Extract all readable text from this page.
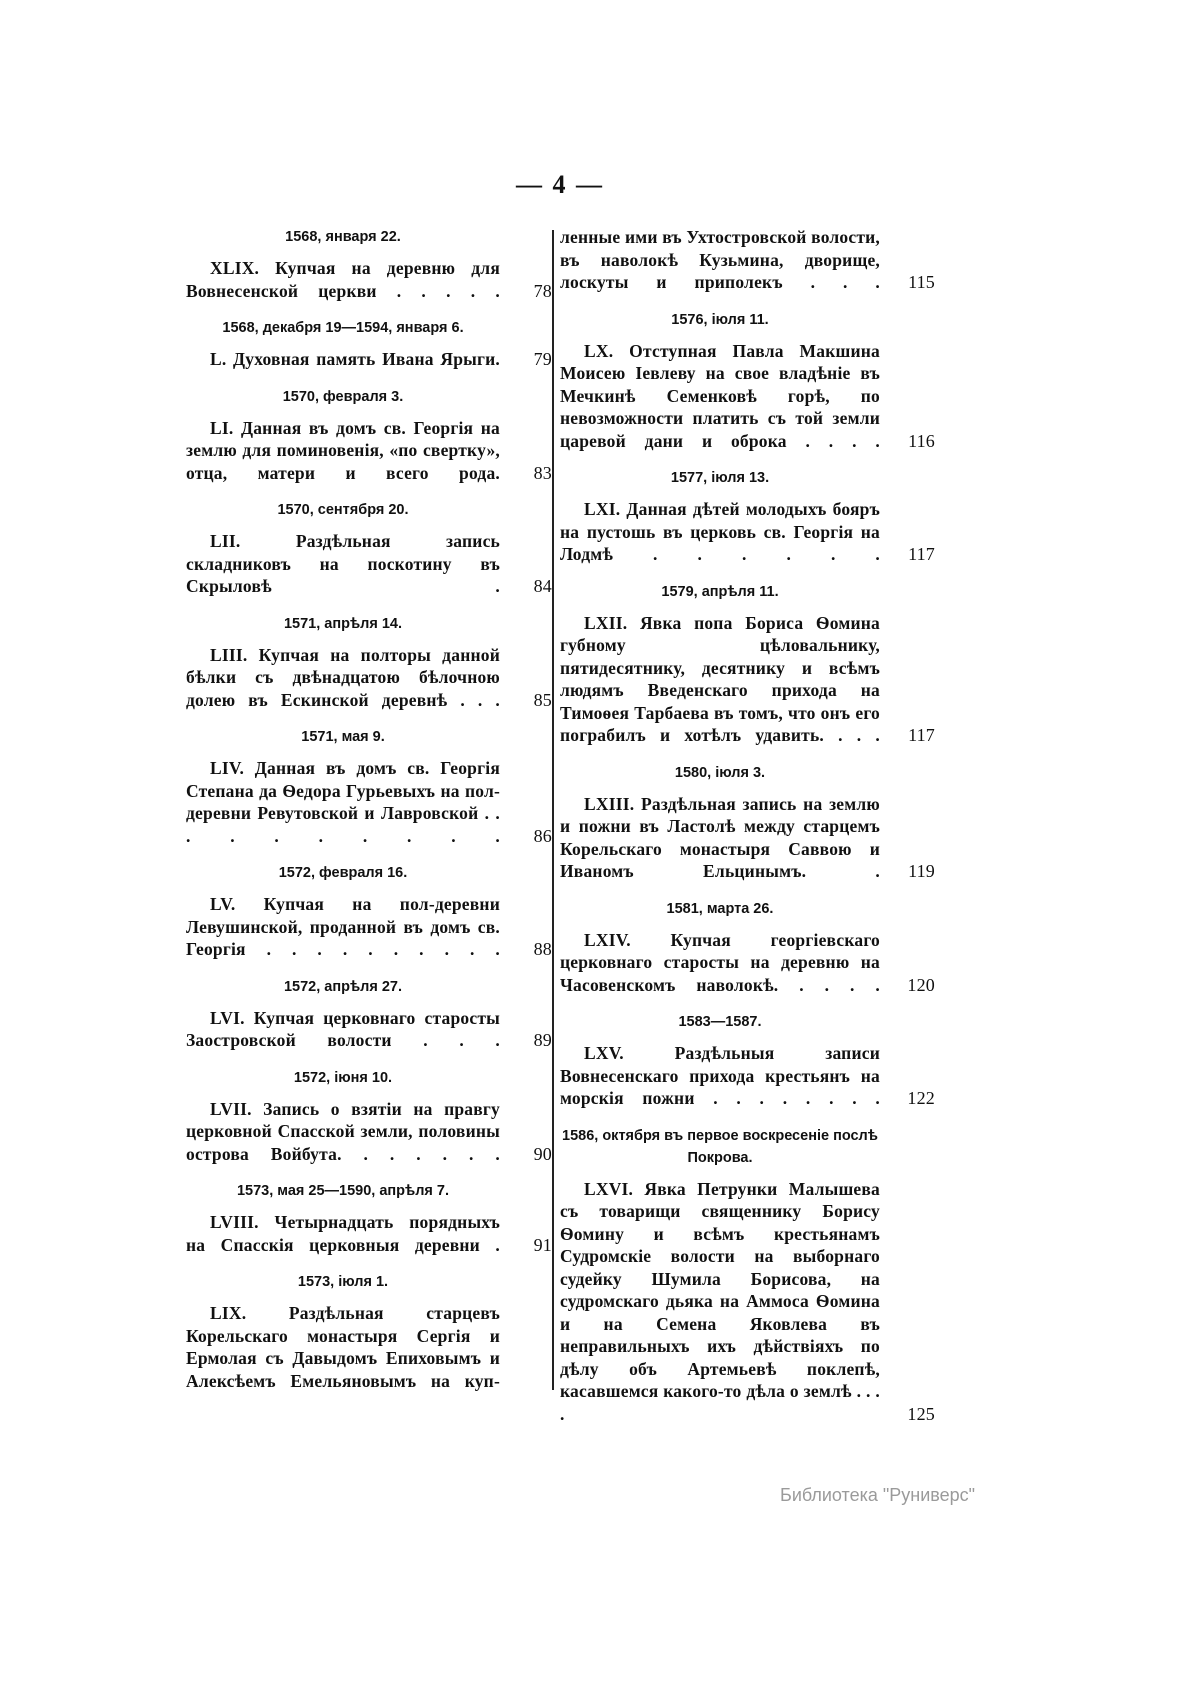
— 4 —
1568, января 22.
XLIX. Купчая на деревню для Вовнесенской церкви . . . . . 78
1568, декабря 19—1594, января 6.
L. Духовная память Ивана Ярыги. 79
1570, февраля 3.
LI. Данная въ домъ св. Георгія на землю для поминовенія, «по свертку», отца, матери и всего рода. 83
1570, сентября 20.
LII. Раздѣльная запись складниковъ на поскотину въ Скрыловѣ . 84
1571, апрѣля 14.
LIII. Купчая на полторы данной бѣлки съ двѣнадцатою бѣлочною долею въ Ескинской деревнѣ . . . 85
1571, мая 9.
LIV. Данная въ домъ св. Георгія Степана да Ѳедора Гурьевыхъ на пол-деревни Ревутовской и Лавровской . . . . . . . . . . 86
1572, февраля 16.
LV. Купчая на пол-деревни Левушинской, проданной въ домъ св. Георгія . . . . . . . . . . 88
1572, апрѣля 27.
LVI. Купчая церковнаго старосты Заостровской волости . . . 89
1572, іюня 10.
LVII. Запись о взятіи на правгу церковной Спасской земли, половины острова Войбута. . . . . . . 90
1573, мая 25—1590, апрѣля 7.
LVIII. Четырнадцать порядныхъ на Спасскія церковныя деревни . 91
1573, іюля 1.
LIX. Раздѣльная старцевъ Корельскаго монастыря Сергія и Ермолая съ Давыдомъ Епиховымъ и Алексѣемъ Емельяновымъ на куп-
ленные ими въ Ухтостровской волости, въ наволокѣ Кузьмина, дворище, лоскуты и приполекъ . . . 115
1576, іюля 11.
LX. Отступная Павла Макшина Моисею Іевлеву на свое владѣніе въ Мечкинѣ Семенковѣ горѣ, по невозможности платить съ той земли царевой дани и оброка . . . . 116
1577, іюля 13.
LXI. Данная дѣтей молодыхъ бояръ на пустошь въ церковь св. Георгія на Лодмѣ . . . . . . 117
1579, апрѣля 11.
LXII. Явка попа Бориса Ѳомина губному цѣловальнику, пятидесятнику, десятнику и всѣмъ людямъ Введенскаго прихода на Тимоѳея Тарбаева въ томъ, что онъ его пограбилъ и хотѣлъ удавить. . . . 117
1580, іюля 3.
LXIII. Раздѣльная запись на землю и пожни въ Ластолѣ между старцемъ Корельскаго монастыря Саввою и Иваномъ Ельцинымъ. . 119
1581, марта 26.
LXIV. Купчая георгіевскаго церковнаго старосты на деревню на Часовенскомъ наволокѣ. . . . . 120
1583—1587.
LXV. Раздѣльныя записи Вовнесенскаго прихода крестьянъ на морскія пожни . . . . . . . . 122
1586, октября въ первое воскресеніе послѣ Покрова.
LXVI. Явка Петрунки Малышева съ товарищи священнику Борису Ѳомину и всѣмъ крестьянамъ Судромскіе волости на выборнаго судейку Шумила Борисова, на судромскаго дьяка на Аммоса Ѳомина и на Семена Яковлева въ неправильныхъ ихъ дѣйствіяхъ по дѣлу объ Артемьевѣ поклепѣ, касавшемся какого-то дѣла о землѣ . . . .	125
Библиотека "Руниверс"
